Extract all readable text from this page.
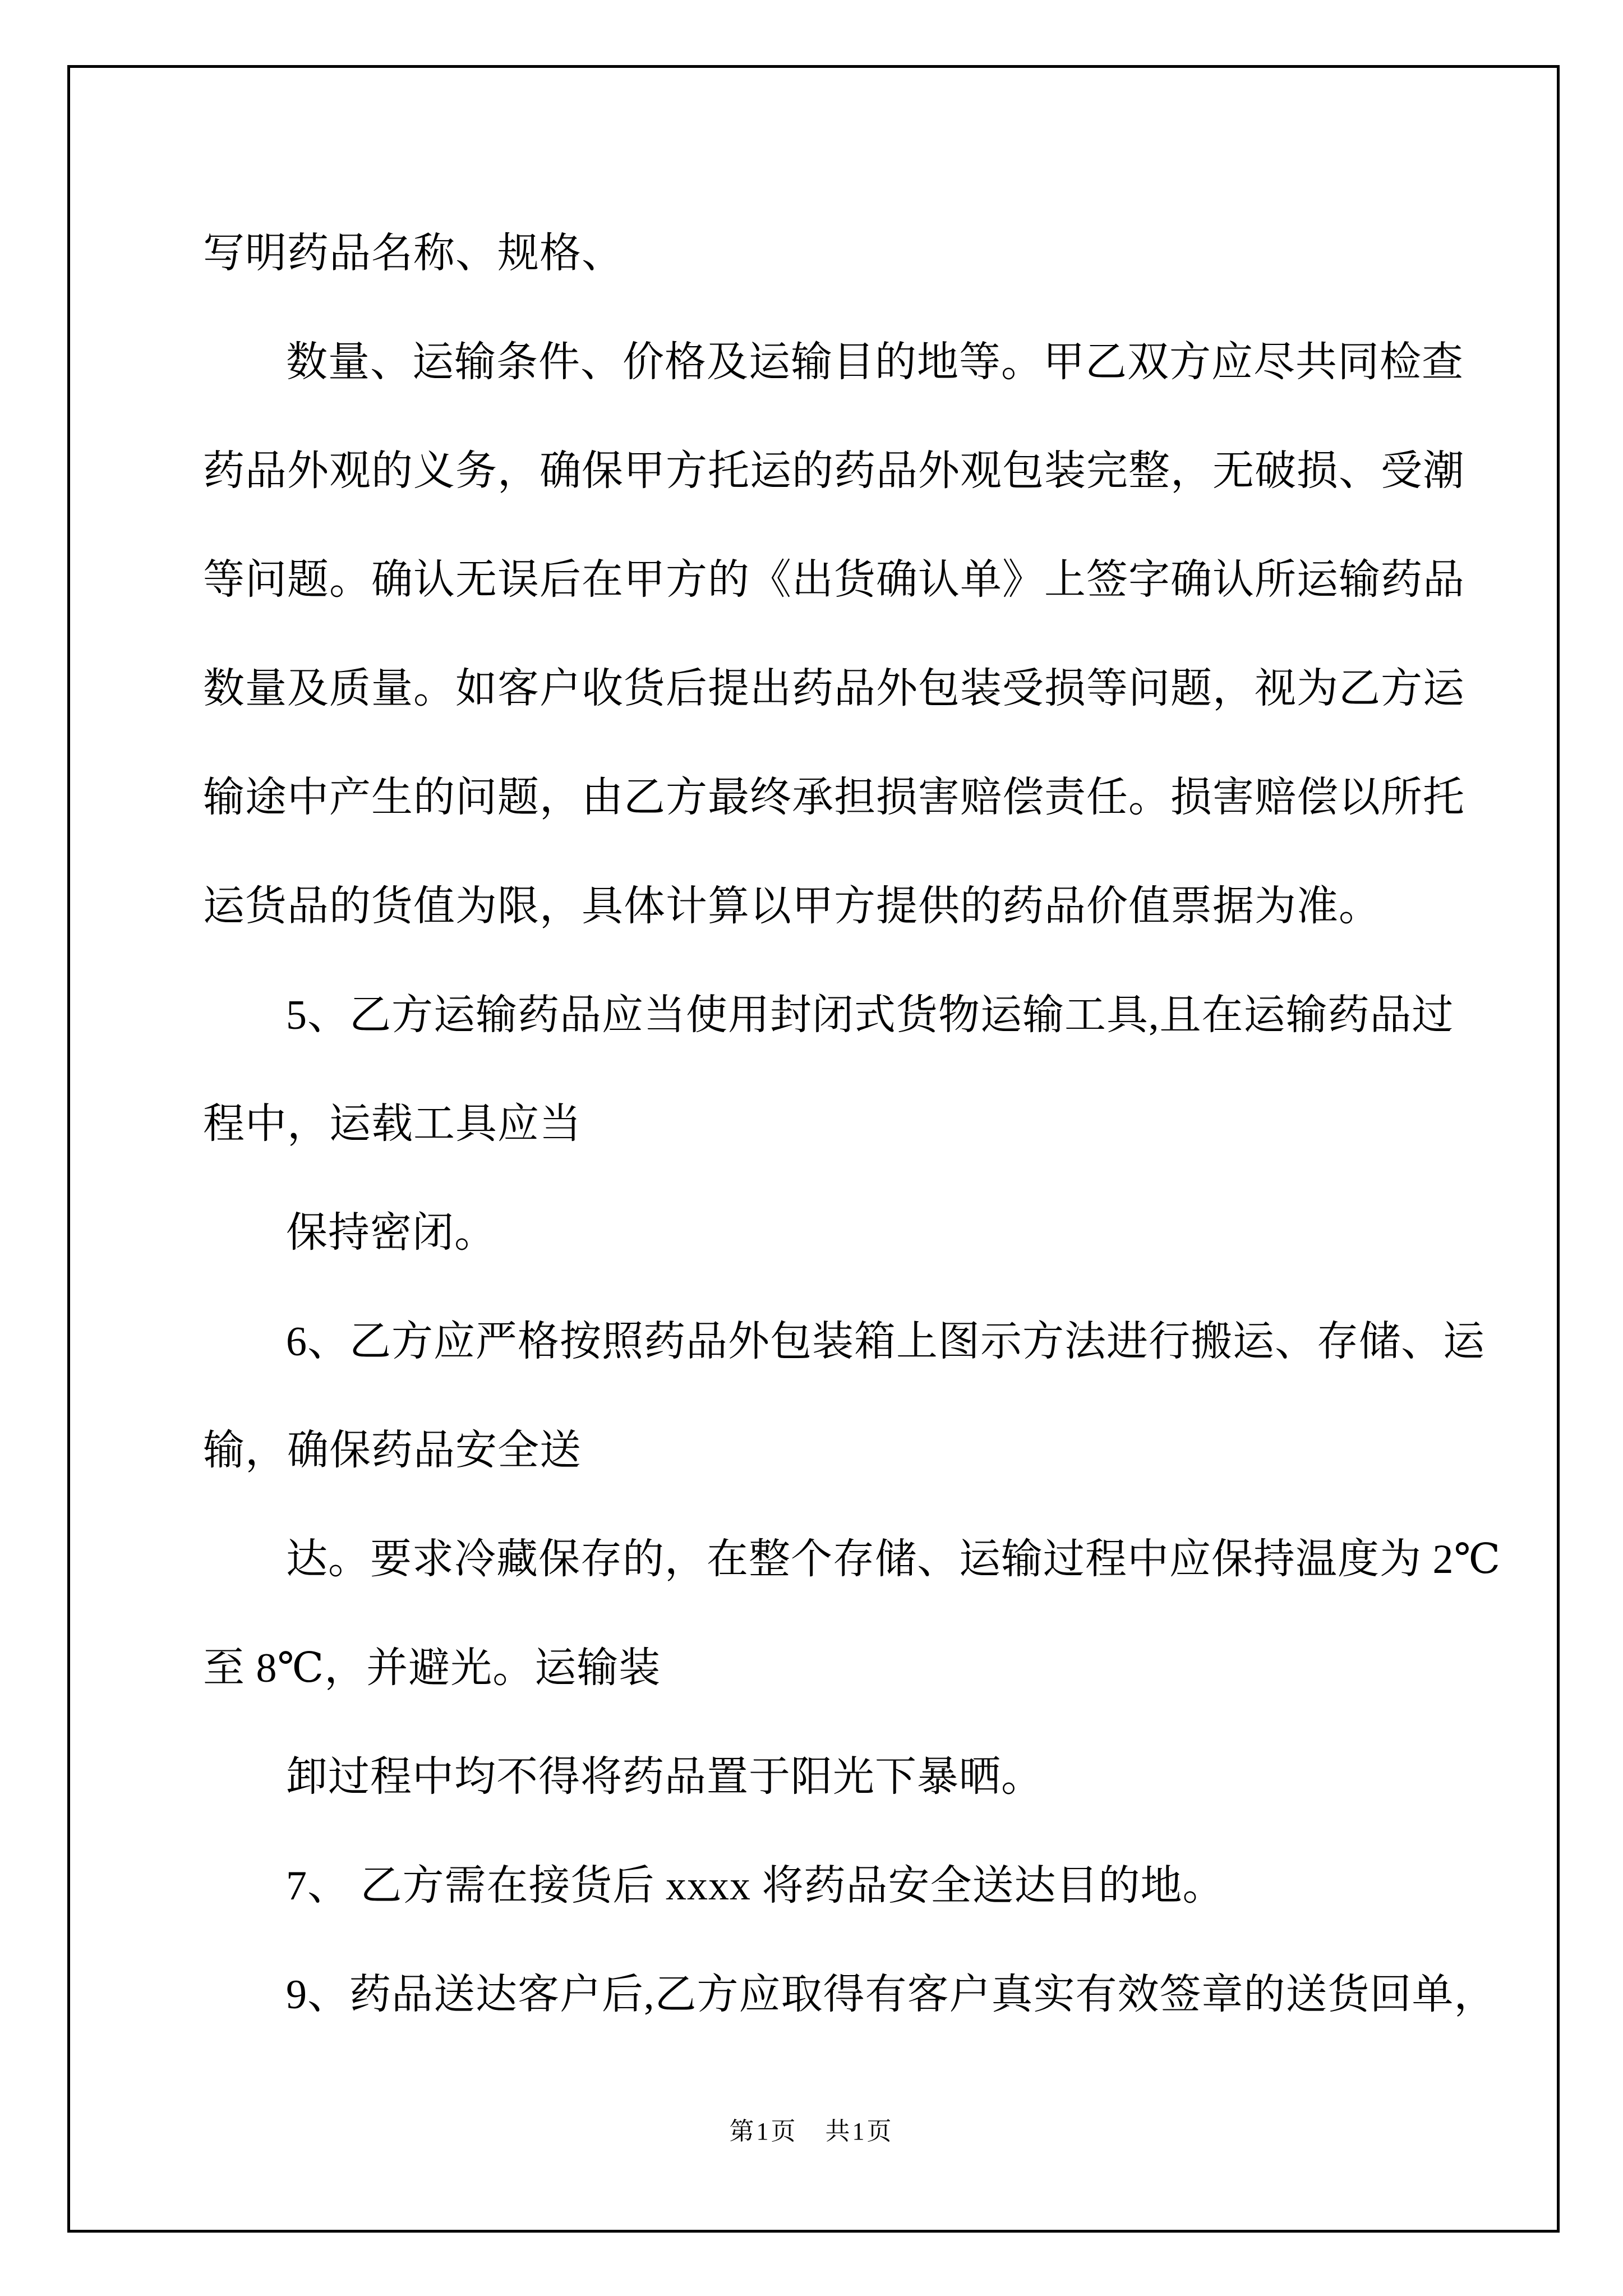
写明药品名称、规格、
数量、运输条件、价格及运输目的地等。甲乙双方应尽共同检查
药品外观的义务，确保甲方托运的药品外观包装完整，无破损、受潮
等问题。确认无误后在甲方的《出货确认单》上签字确认所运输药品
数量及质量。如客户收货后提出药品外包装受损等问题，视为乙方运
输途中产生的问题，由乙方最终承担损害赔偿责任。损害赔偿以所托
运货品的货值为限，具体计算以甲方提供的药品价值票据为准。
5、乙方运输药品应当使用封闭式货物运输工具,且在运输药品过
程中，运载工具应当
保持密闭。
6、乙方应严格按照药品外包装箱上图示方法进行搬运、存储、运
输，确保药品安全送
达。要求冷藏保存的，在整个存储、运输过程中应保持温度为 2℃
至 8℃，并避光。运输装
卸过程中均不得将药品置于阳光下暴晒。
7、 乙方需在接货后 xxxx 将药品安全送达目的地。
9、药品送达客户后,乙方应取得有客户真实有效签章的送货回单，
第1页 共1页
